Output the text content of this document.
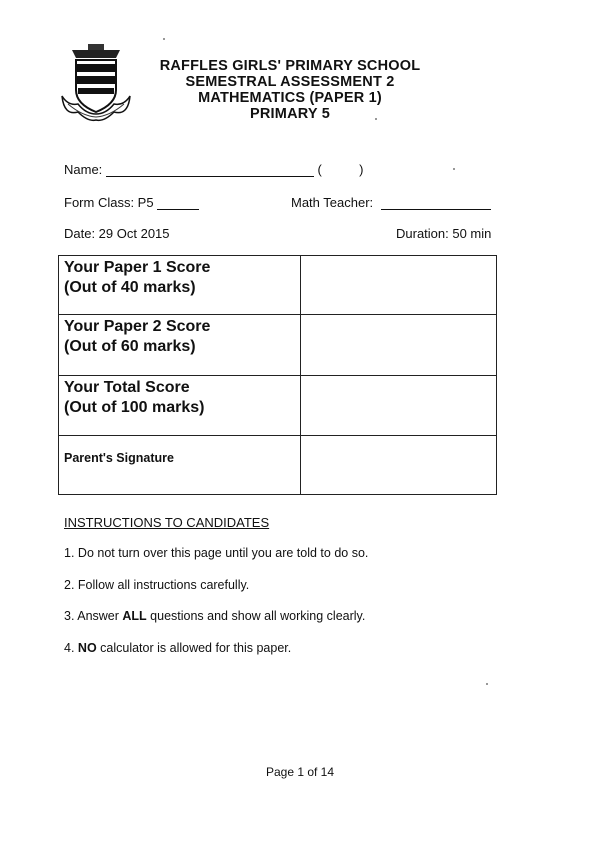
RAFFLES GIRLS' PRIMARY SCHOOL
SEMESTRAL ASSESSMENT 2
MATHEMATICS (PAPER 1)
PRIMARY 5
Name:	(	)
Form Class: P5	Math Teacher:
Date: 29 Oct 2015	Duration: 50 min
Your Paper 1 Score
(Out of 40 marks)	

Your Paper 2 Score
(Out of 60 marks)	

Your Total Score
(Out of 100 marks)	

Parent's Signature	
INSTRUCTIONS TO CANDIDATES
1. Do not turn over this page until you are told to do so.
2. Follow all instructions carefully.
3. Answer ALL questions and show all working clearly.
4. NO calculator is allowed for this paper.
Page 1 of 14
